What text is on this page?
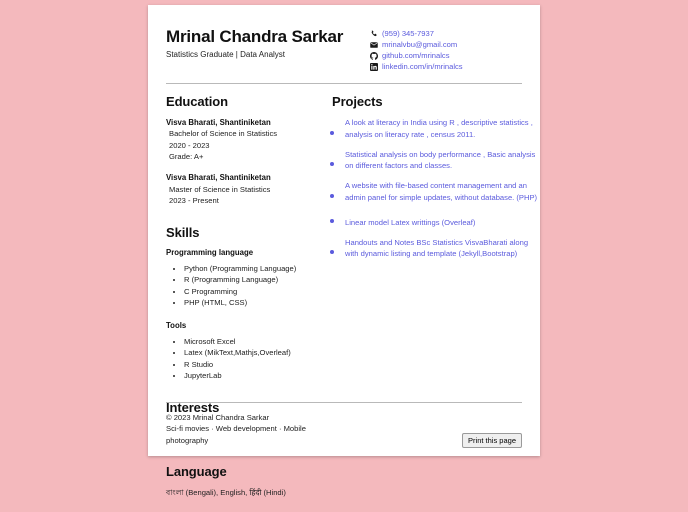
Mrinal Chandra Sarkar
Statistics Graduate | Data Analyst
(959) 345-7937
mrinalvbu@gmail.com
github.com/mrinalcs
linkedin.com/in/mrinalcs
Education
Visva Bharati, Shantiniketan
Bachelor of Science in Statistics
2020 - 2023
Grade: A+
Visva Bharati, Shantiniketan
Master of Science in Statistics
2023 - Present
Skills
Programming language
• Python (Programming Language)
• R (Programming Language)
• C Programming
• PHP (HTML, CSS)
Tools
• Microsoft Excel
• Latex (MikText,Mathjs,Overleaf)
• R Studio
• JupyterLab
Interests

Sci-fi movies · Web development · Mobile photography

Language

বাংলা (Bengali), English, हिंदी (Hindi)

Projects
• A look at literacy in India using R , descriptive statistics , analysis on literacy rate , census 2011.
• Statistical analysis on body performance , Basic analysis on different factors and classes.
• A website with file-based content management and an admin panel for simple updates, without database. (PHP)
• Linear model Latex writtings (Overleaf)
• Handouts and Notes BSc Statistics VisvaBharati along with dynamic listing and template (Jekyll,Bootstrap)
© 2023 Mrinal Chandra Sarkar
Print this page
